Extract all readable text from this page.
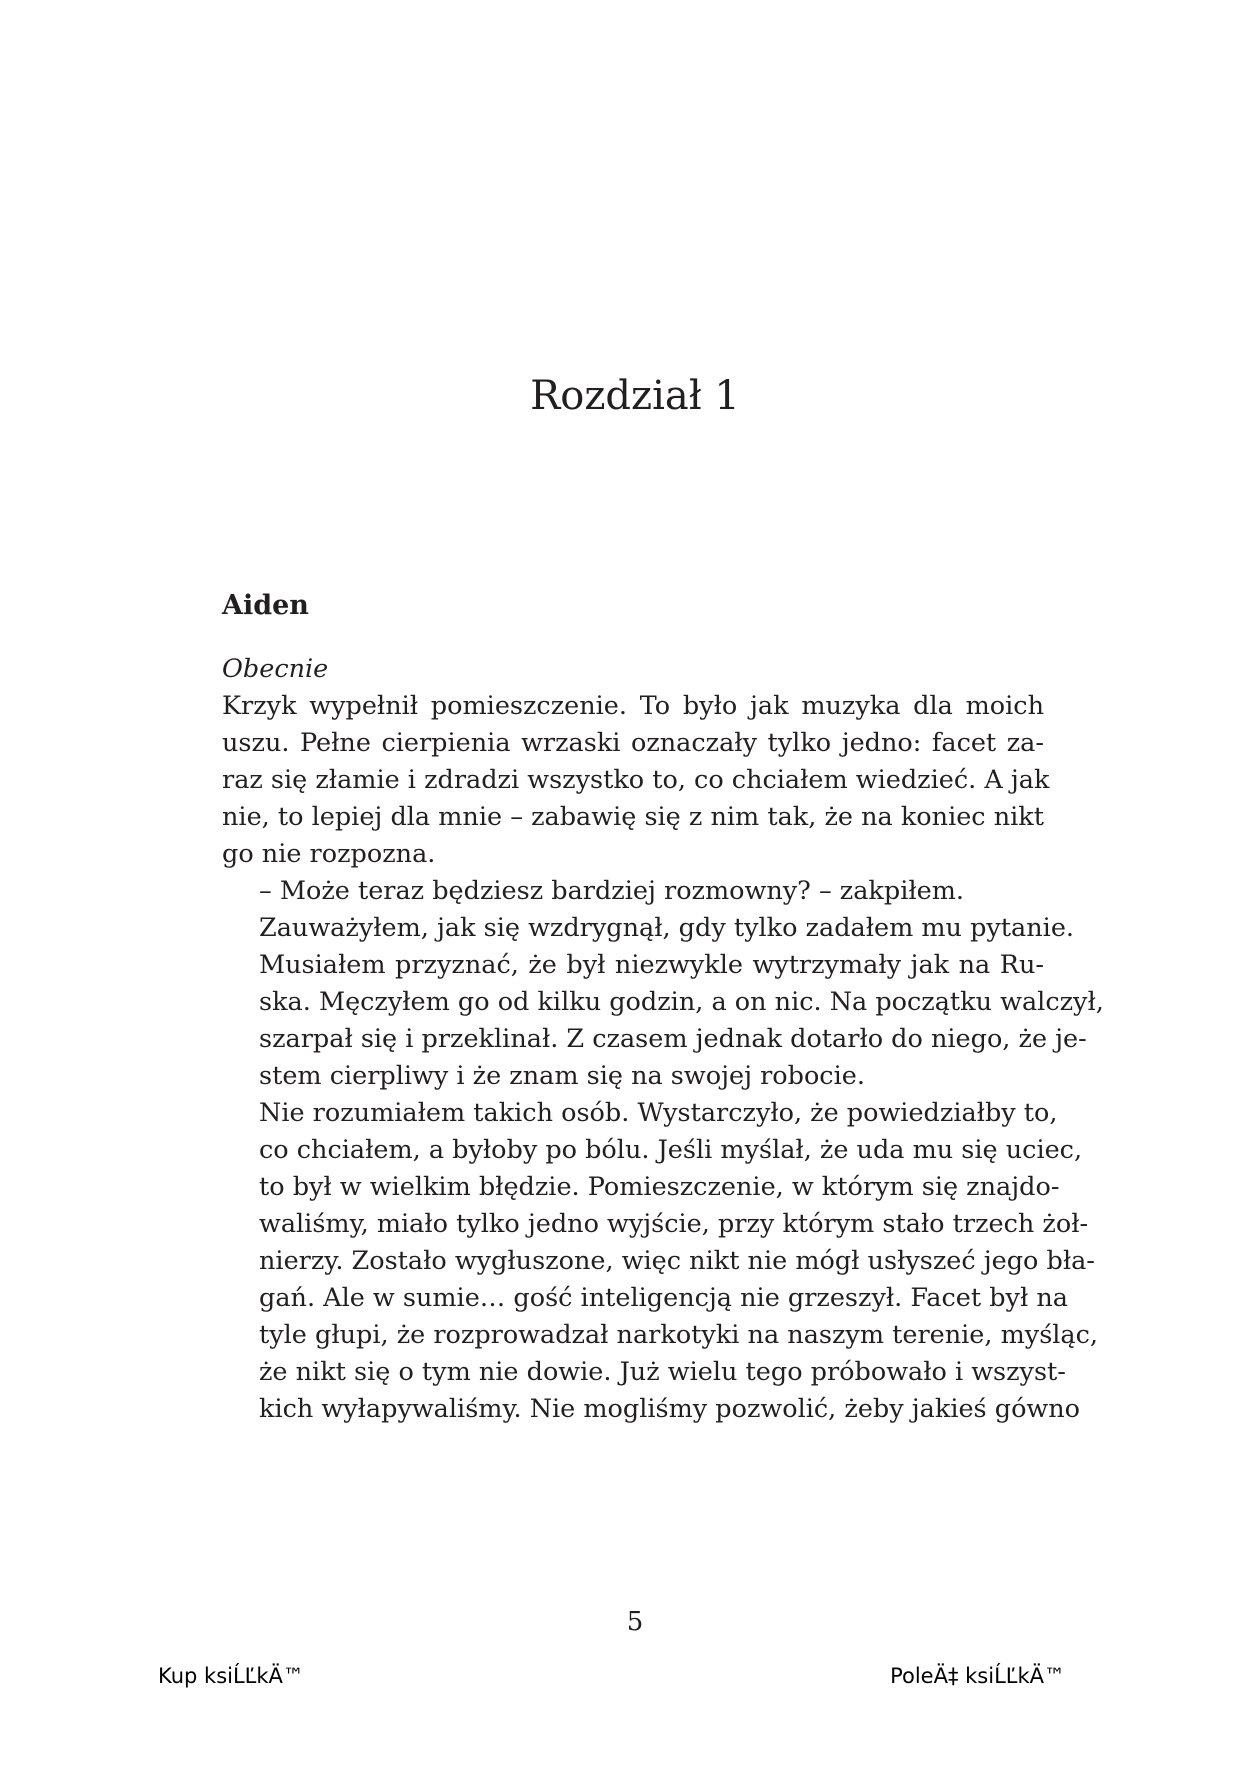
Rozdział 1

Aiden

Obecnie

Krzyk wypełnił pomieszczenie. To było jak muzyka dla moich
uszu. Pełne cierpienia wrzaski oznaczały tylko jedno: facet za-
raz się złamie i zdradzi wszystko to, co chciałem wiedzieć. A jak
nie, to lepiej dla mnie – zabawię się z nim tak, że na koniec nikt
go nie rozpozna.

– Może teraz będziesz bardziej rozmowny? – zakpiłem.

Zauważyłem, jak się wzdrygnął, gdy tylko zadałem mu pytanie.

Musiałem przyznać, że był niezwykle wytrzymały jak na Ru-
ska. Męczyłem go od kilku godzin, a on nic. Na początku walczył,
szarpał się i przeklinał. Z czasem jednak dotarło do niego, że je-
stem cierpliwy i że znam się na swojej robocie.

Nie rozumiałem takich osób. Wystarczyło, że powiedziałby to,
co chciałem, a byłoby po bólu. Jeśli myślał, że uda mu się uciec,
to był w wielkim błędzie. Pomieszczenie, w którym się znajdo-
waliśmy, miało tylko jedno wyjście, przy którym stało trzech żoł-
nierzy. Zostało wygłuszone, więc nikt nie mógł usłyszeć jego bła-
gań. Ale w sumie… gość inteligencją nie grzeszył. Facet był na
tyle głupi, że rozprowadzał narkotyki na naszym terenie, myśląc,
że nikt się o tym nie dowie. Już wielu tego próbowało i wszyst-
kich wyłapywaliśmy. Nie mogliśmy pozwolić, żeby jakieś gówno

5

Kup ksiĹĽkÄ™	PoleÄ‡ ksiĹĽkÄ™
